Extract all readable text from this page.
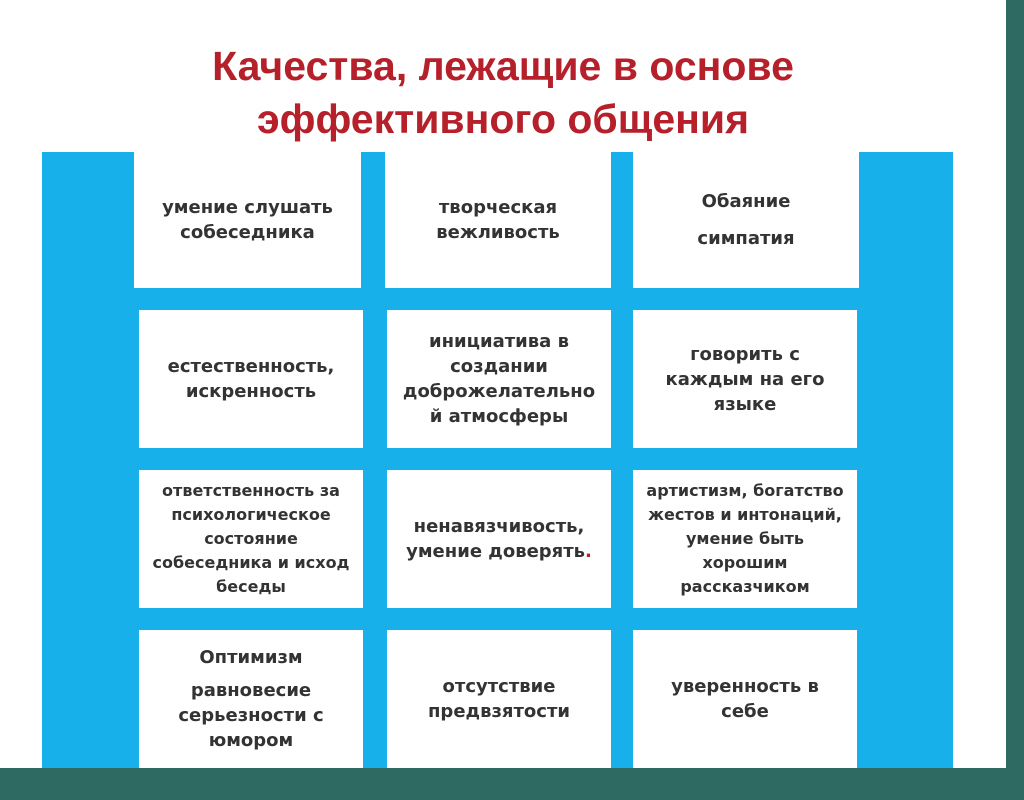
Качества, лежащие в основе
эффективного общения
умение слушать
собеседника
творческая
вежливость
Обаяние
симпатия
естественность,
искренность
инициатива в
создании
доброжелательно
й атмосферы
говорить с
каждым на его
языке
ответственность за
психологическое
состояние
собеседника и исход
беседы
ненавязчивость,
умение доверять.
артистизм, богатство
жестов и интонаций,
умение быть
хорошим
рассказчиком
Оптимизм
равновесие
серьезности с
юмором
отсутствие
предвзятости
уверенность в
себе
